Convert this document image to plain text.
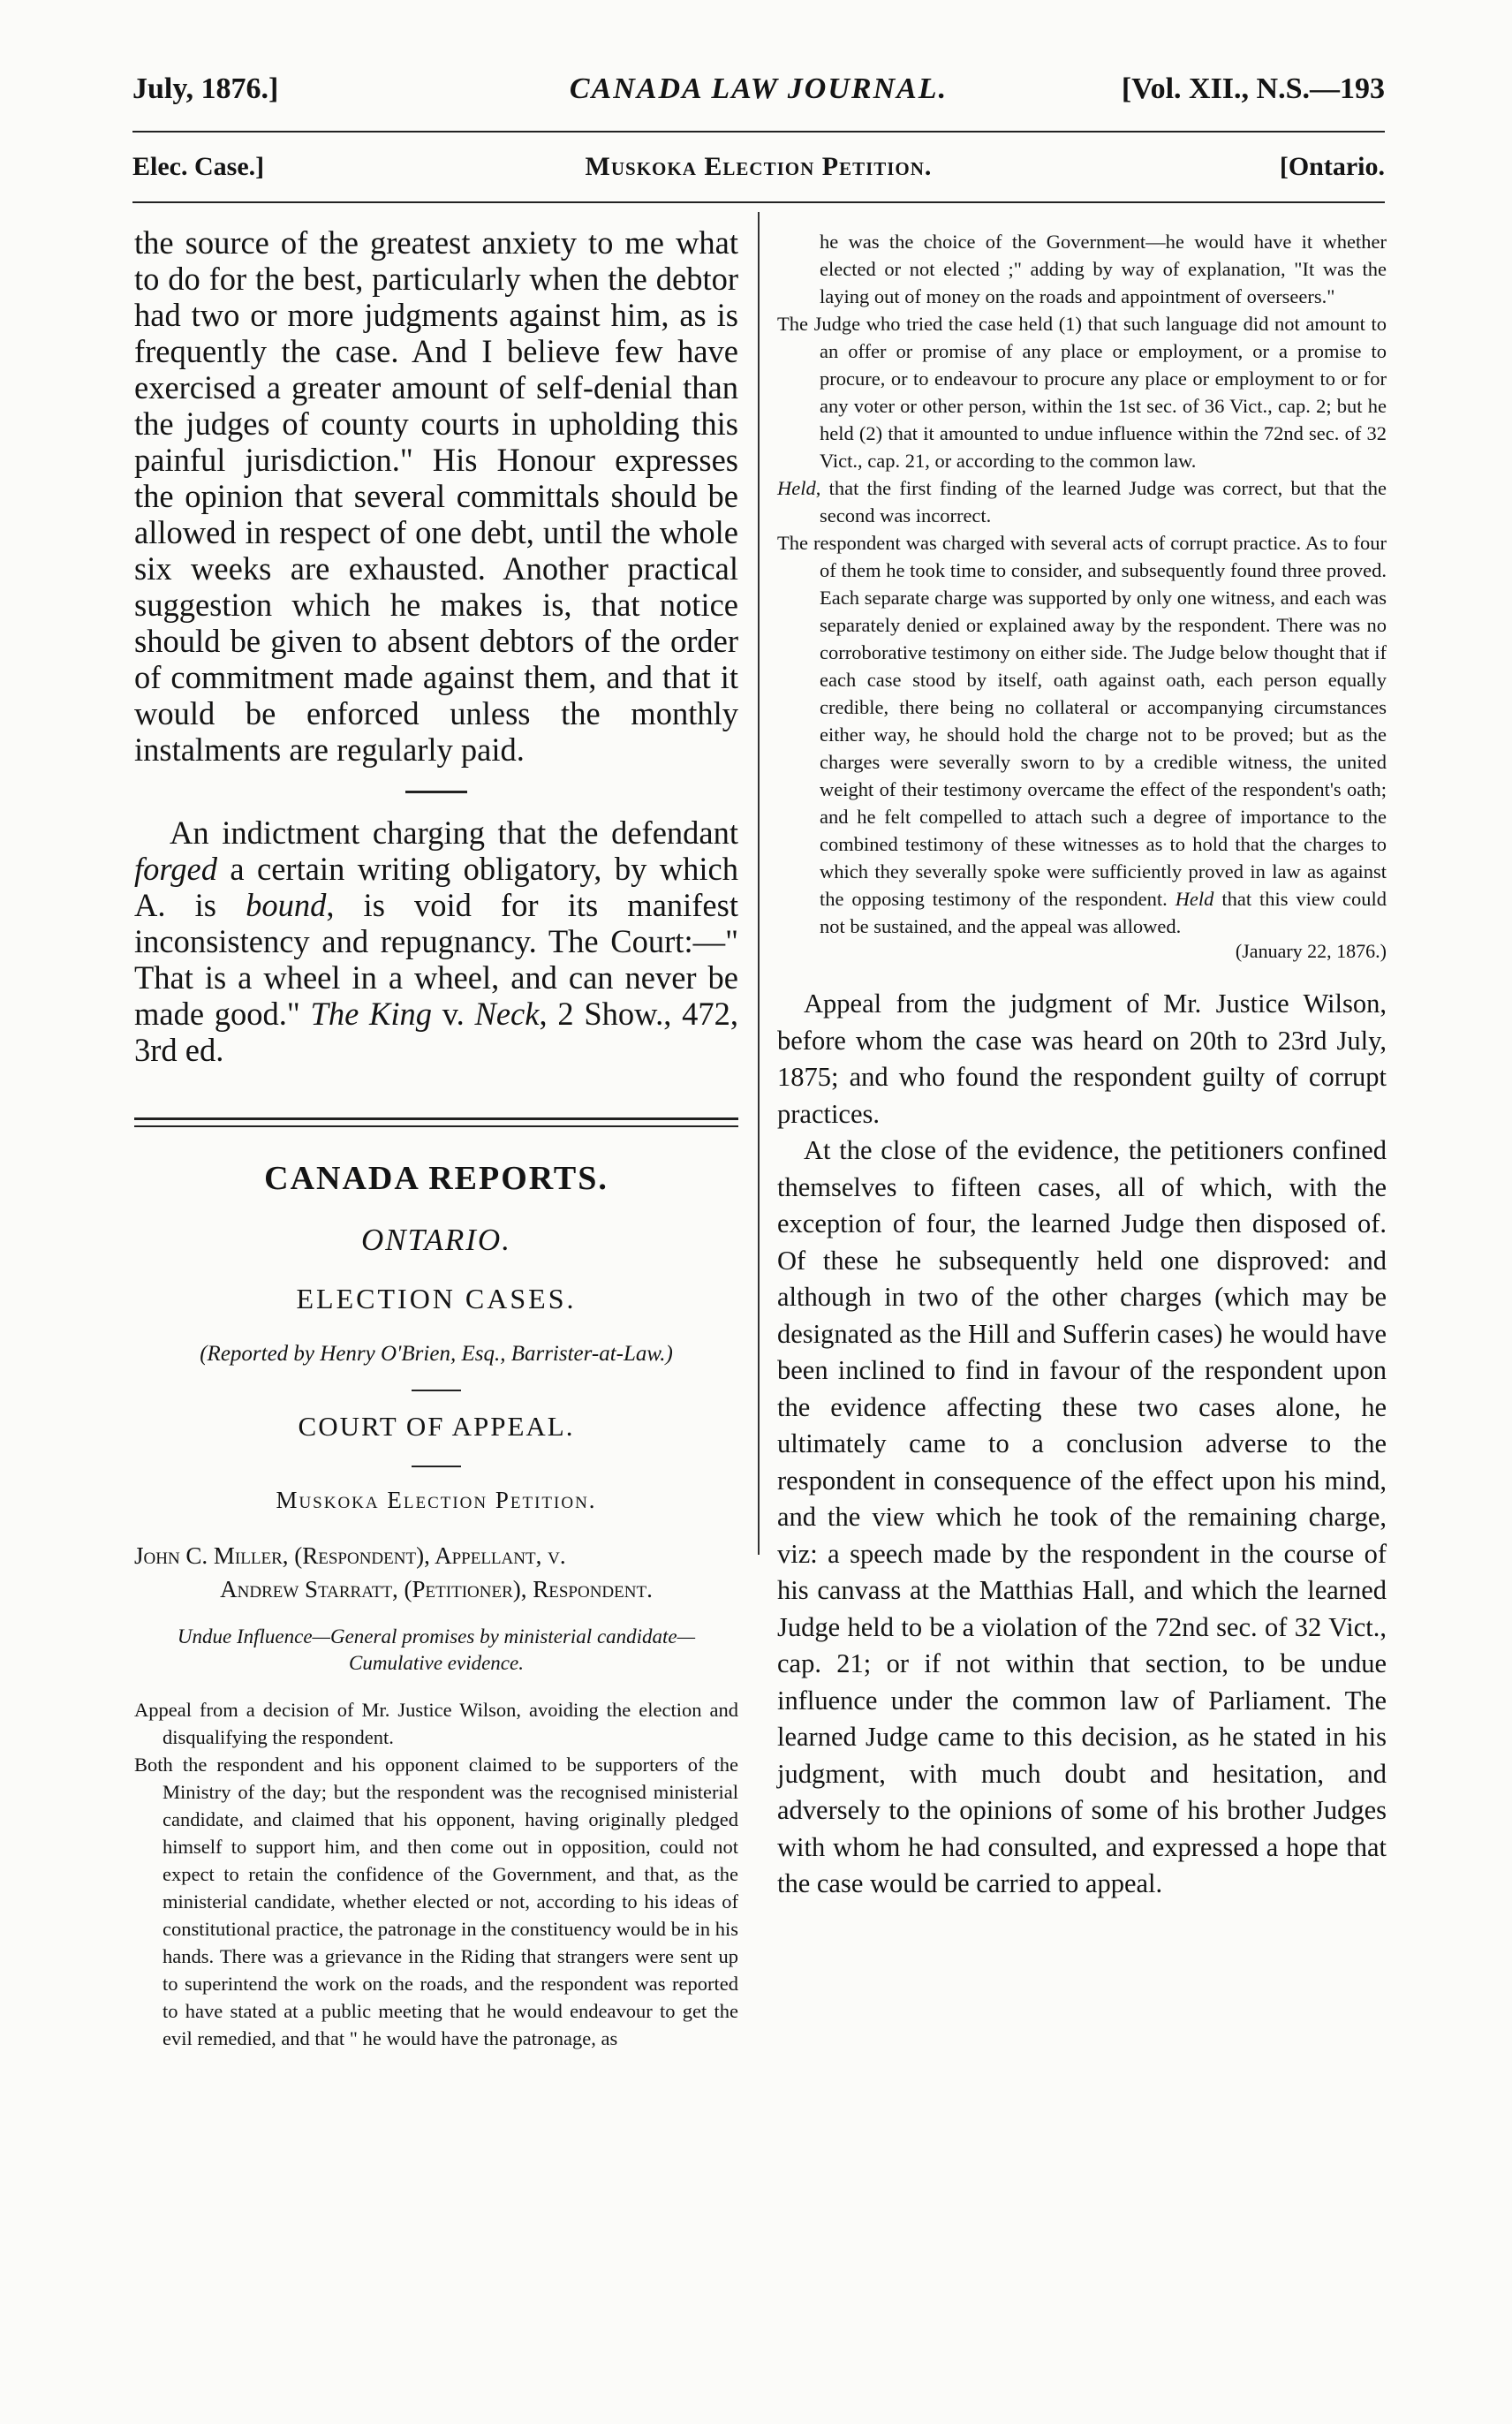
CANADA LAW JOURNAL.
July, 1876.]	[Vol. XII., N.S.—193
Muskoka Election Petition.
Elec. Case.]	[Ontario.

the source of the greatest anxiety to me what to do for the best, particularly when the debtor had two or more judgments against him, as is frequently the case. And I believe few have exercised a greater amount of self-denial than the judges of county courts in upholding this painful jurisdiction." His Honour expresses the opinion that several committals should be allowed in respect of one debt, until the whole six weeks are exhausted. Another practical suggestion which he makes is, that notice should be given to absent debtors of the order of commitment made against them, and that it would be enforced unless the monthly instalments are regularly paid.

An indictment charging that the defendant forged a certain writing obligatory, by which A. is bound, is void for its manifest inconsistency and repugnancy. The Court:—" That is a wheel in a wheel, and can never be made good." The King v. Neck, 2 Show., 472, 3rd ed.

CANADA REPORTS.
ONTARIO.
ELECTION CASES.
(Reported by Henry O'Brien, Esq., Barrister-at-Law.)
COURT OF APPEAL.
Muskoka Election Petition.
John C. Miller, (Respondent), Appellant, v.
Andrew Starratt, (Petitioner), Respondent.
Undue Influence—General promises by ministerial candidate—Cumulative evidence.

Appeal from a decision of Mr. Justice Wilson, avoiding the election and disqualifying the respondent.

Both the respondent and his opponent claimed to be supporters of the Ministry of the day; but the respondent was the recognised ministerial candidate, and claimed that his opponent, having originally pledged himself to support him, and then come out in opposition, could not expect to retain the confidence of the Government, and that, as the ministerial candidate, whether elected or not, according to his ideas of constitutional practice, the patronage in the constituency would be in his hands. There was a grievance in the Riding that strangers were sent up to superintend the work on the roads, and the respondent was reported to have stated at a public meeting that he would endeavour to get the evil remedied, and that " he would have the patronage, as

he was the choice of the Government—he would have it whether elected or not elected ;" adding by way of explanation, "It was the laying out of money on the roads and appointment of overseers."

The Judge who tried the case held (1) that such language did not amount to an offer or promise of any place or employment, or a promise to procure, or to endeavour to procure any place or employment to or for any voter or other person, within the 1st sec. of 36 Vict., cap. 2; but he held (2) that it amounted to undue influence within the 72nd sec. of 32 Vict., cap. 21, or according to the common law.

Held, that the first finding of the learned Judge was correct, but that the second was incorrect.

The respondent was charged with several acts of corrupt practice. As to four of them he took time to consider, and subsequently found three proved. Each separate charge was supported by only one witness, and each was separately denied or explained away by the respondent. There was no corroborative testimony on either side. The Judge below thought that if each case stood by itself, oath against oath, each person equally credible, there being no collateral or accompanying circumstances either way, he should hold the charge not to be proved; but as the charges were severally sworn to by a credible witness, the united weight of their testimony overcame the effect of the respondent's oath; and he felt compelled to attach such a degree of importance to the combined testimony of these witnesses as to hold that the charges to which they severally spoke were sufficiently proved in law as against the opposing testimony of the respondent. Held that this view could not be sustained, and the appeal was allowed.

(January 22, 1876.)

Appeal from the judgment of Mr. Justice Wilson, before whom the case was heard on 20th to 23rd July, 1875; and who found the respondent guilty of corrupt practices.

At the close of the evidence, the petitioners confined themselves to fifteen cases, all of which, with the exception of four, the learned Judge then disposed of. Of these he subsequently held one disproved: and although in two of the other charges (which may be designated as the Hill and Sufferin cases) he would have been inclined to find in favour of the respondent upon the evidence affecting these two cases alone, he ultimately came to a conclusion adverse to the respondent in consequence of the effect upon his mind, and the view which he took of the remaining charge, viz: a speech made by the respondent in the course of his canvass at the Matthias Hall, and which the learned Judge held to be a violation of the 72nd sec. of 32 Vict., cap. 21; or if not within that section, to be undue influence under the common law of Parliament. The learned Judge came to this decision, as he stated in his judgment, with much doubt and hesitation, and adversely to the opinions of some of his brother Judges with whom he had consulted, and expressed a hope that the case would be carried to appeal.
